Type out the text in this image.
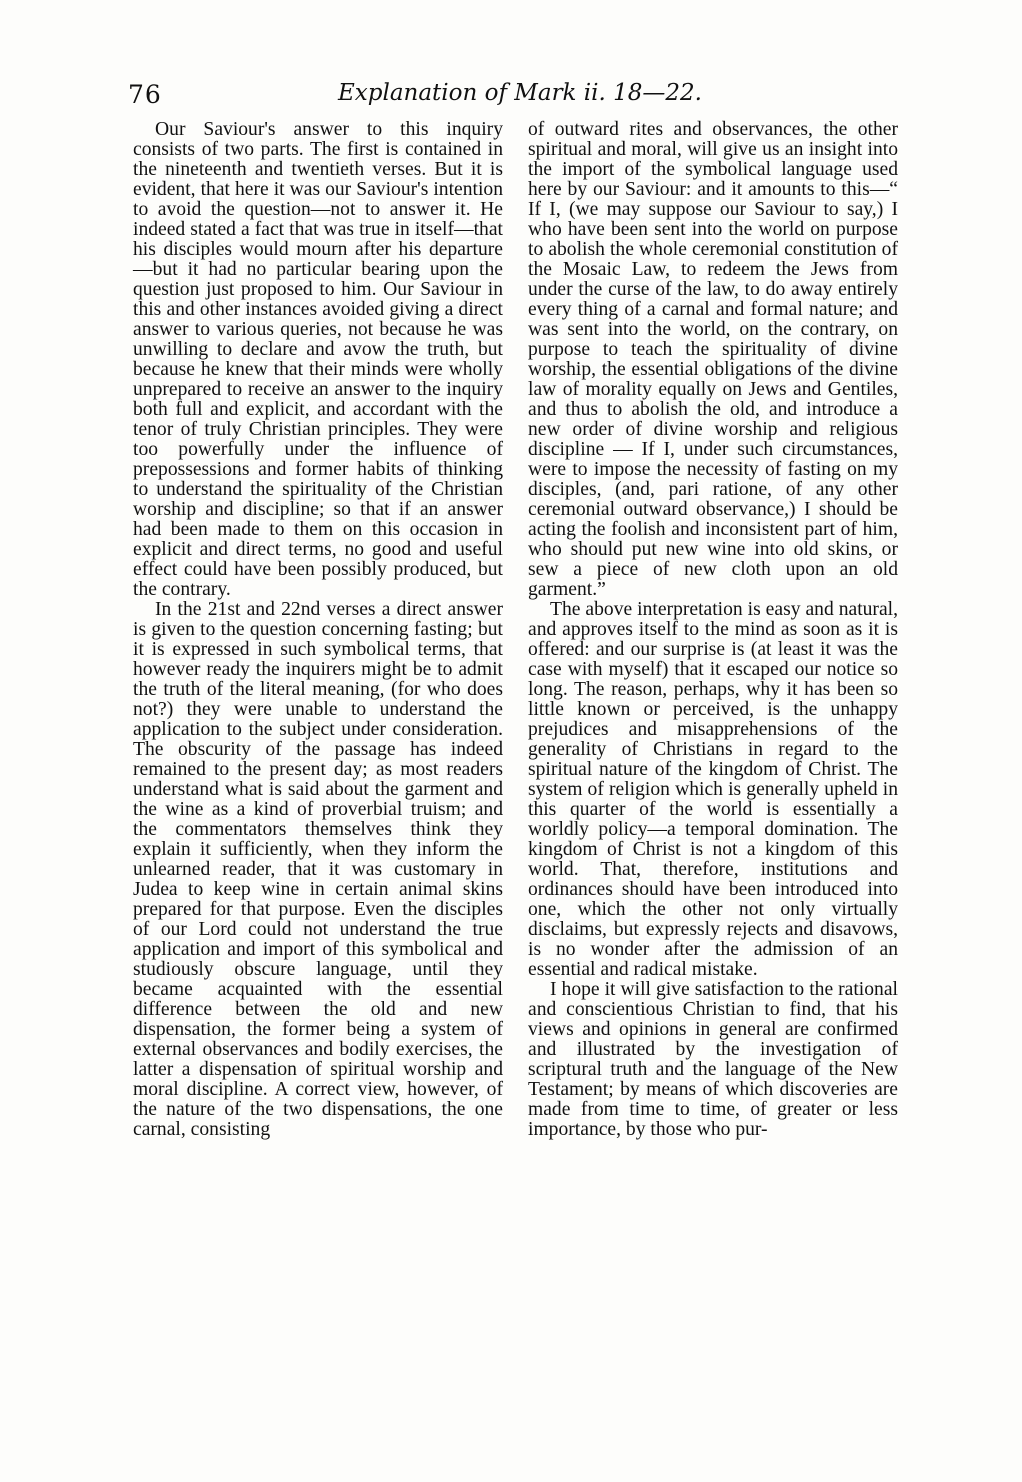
76	Explanation of Mark ii. 18—22.

Our Saviour's answer to this inquiry consists of two parts. The first is contained in the nineteenth and twentieth verses. But it is evident, that here it was our Saviour's intention to avoid the question—not to answer it. He indeed stated a fact that was true in itself—that his disciples would mourn after his departure—but it had no particular bearing upon the question just proposed to him. Our Saviour in this and other instances avoided giving a direct answer to various queries, not because he was unwilling to declare and avow the truth, but because he knew that their minds were wholly unprepared to receive an answer to the inquiry both full and explicit, and accordant with the tenor of truly Christian principles. They were too powerfully under the influence of prepossessions and former habits of thinking to understand the spirituality of the Christian worship and discipline; so that if an answer had been made to them on this occasion in explicit and direct terms, no good and useful effect could have been possibly produced, but the contrary.

In the 21st and 22nd verses a direct answer is given to the question concerning fasting; but it is expressed in such symbolical terms, that however ready the inquirers might be to admit the truth of the literal meaning, (for who does not?) they were unable to understand the application to the subject under consideration. The obscurity of the passage has indeed remained to the present day; as most readers understand what is said about the garment and the wine as a kind of proverbial truism; and the commentators themselves think they explain it sufficiently, when they inform the unlearned reader, that it was customary in Judea to keep wine in certain animal skins prepared for that purpose. Even the disciples of our Lord could not understand the true application and import of this symbolical and studiously obscure language, until they became acquainted with the essential difference between the old and new dispensation, the former being a system of external observances and bodily exercises, the latter a dispensation of spiritual worship and moral discipline. A correct view, however, of the nature of the two dispensations, the one carnal, consisting

of outward rites and observances, the other spiritual and moral, will give us an insight into the import of the symbolical language used here by our Saviour: and it amounts to this—“ If I, (we may suppose our Saviour to say,) I who have been sent into the world on purpose to abolish the whole ceremonial constitution of the Mosaic Law, to redeem the Jews from under the curse of the law, to do away entirely every thing of a carnal and formal nature; and was sent into the world, on the contrary, on purpose to teach the spirituality of divine worship, the essential obligations of the divine law of morality equally on Jews and Gentiles, and thus to abolish the old, and introduce a new order of divine worship and religious discipline — If I, under such circumstances, were to impose the necessity of fasting on my disciples, (and, pari ratione, of any other ceremonial outward observance,) I should be acting the foolish and inconsistent part of him, who should put new wine into old skins, or sew a piece of new cloth upon an old garment.”

The above interpretation is easy and natural, and approves itself to the mind as soon as it is offered: and our surprise is (at least it was the case with myself) that it escaped our notice so long. The reason, perhaps, why it has been so little known or perceived, is the unhappy prejudices and misapprehensions of the generality of Christians in regard to the spiritual nature of the kingdom of Christ. The system of religion which is generally upheld in this quarter of the world is essentially a worldly policy—a temporal domination. The kingdom of Christ is not a kingdom of this world. That, therefore, institutions and ordinances should have been introduced into one, which the other not only virtually disclaims, but expressly rejects and disavows, is no wonder after the admission of an essential and radical mistake.

I hope it will give satisfaction to the rational and conscientious Christian to find, that his views and opinions in general are confirmed and illustrated by the investigation of scriptural truth and the language of the New Testament; by means of which discoveries are made from time to time, of greater or less importance, by those who pur-
